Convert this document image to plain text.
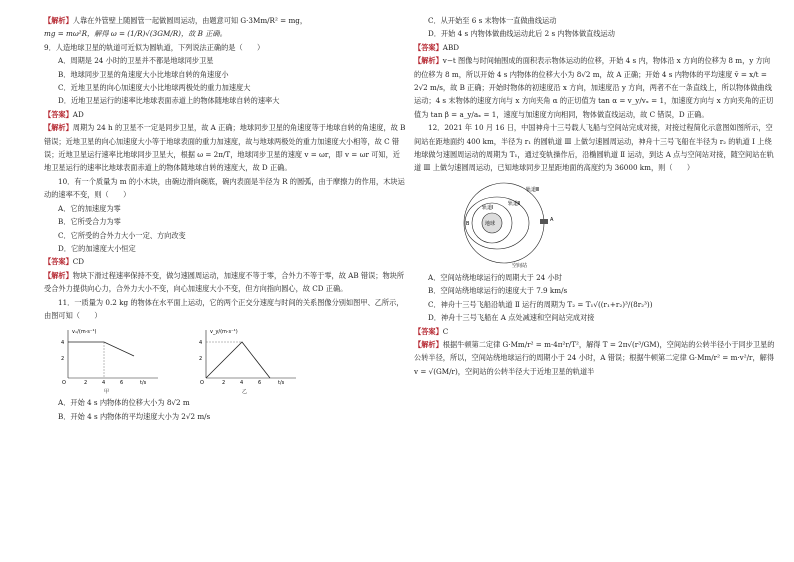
【解析】人靠在外管壁上随圆管一起做圆周运动，由题意可知 G·3Mm/R² = mg，

mg = mω²R，解得 ω = (1/R)√(3GM/R)，故 B 正确。

9．人造地球卫星的轨道可近似为圆轨道，下列说法正确的是（　　）

A．周期是 24 小时的卫星并不都是地球同步卫星

B．地球同步卫星的角速度大小比地球自转的角速度小

C．近地卫星的向心加速度大小比地球两极处的重力加速度大

D．近地卫星运行的速率比地球表面赤道上的物体随地球自转的速率大

【答案】AD

【解析】周期为 24 h 的卫星不一定是同步卫星，故 A 正确；地球同步卫星的角速度等于地球自转的角速度，故 B 错误；近地卫星的向心加速度大小等于地球表面的重力加速度，故与地球两极处的重力加速度大小相等，故 C 错误；近地卫星运行速率比地球同步卫星大，根据 ω = 2π/T，地球同步卫星的速度 v = ωr，即 v = ωr 可知，近地卫星运行的速率比地球表面赤道上的物体随地球自转的速度大，故 D 正确。

10．有一个质量为 m 的小木块，由碗边滑向碗底，碗内表面是半径为 R 的圆弧，由于摩擦力的作用，木块运动的速率不变，则（　　）

A．它的加速度为零

B．它所受合力为零

C．它所受的合外力大小一定、方向改变

D．它的加速度大小恒定

【答案】CD

【解析】物块下滑过程速率保持不变，做匀速圆周运动，加速度不等于零，合外力不等于零，故 AB 错误；物块所受合外力提供向心力，合外力大小不变，向心加速度大小不变，但方向指向圆心，故 CD 正确。

11．一质量为 0.2 kg 的物体在水平面上运动，它的两个正交分速度与时间的关系图像分别如图甲、乙所示，由图可知（　　）

vₓ/(m·s⁻¹)
4
2
O	2	4	6	t/s
v_y/(m·s⁻¹)
4
2
O	2	4	6	t/s
甲	乙

A．开始 4 s 内物体的位移大小为 8√2 m

B．开始 4 s 内物体的平均速度大小为 2√2 m/s

C．从开始至 6 s 末物体一直做曲线运动

D．开始 4 s 内物体做曲线运动此后 2 s 内物体做直线运动

【答案】ABD

【解析】v−t 图像与时间轴围成的面积表示物体运动的位移，开始 4 s 内，物体沿 x 方向的位移为 8 m，y 方向的位移为 8 m，所以开始 4 s 内物体的位移大小为 8√2 m，故 A 正确；开始 4 s 内物体的平均速度 v̄ = x/t = 2√2 m/s，故 B 正确；开始时物体的初速度沿 x 方向，加速度沿 y 方向，两者不在一条直线上，所以物体做曲线运动；4 s 末物体的速度方向与 x 方向夹角 α 的正切值为 tan α = v_y/vₓ = 1，加速度方向与 x 方向夹角的正切值为 tan β = a_y/aₓ = 1，速度与加速度方向相同，物体做直线运动，故 C 错误，D 正确。

12．2021 年 10 月 16 日，中国神舟十三号载人飞船与空间站完成对接，对接过程简化示意图如图所示，空间站在距地面约 400 km，半径为 r₁ 的圆轨道 Ⅲ 上做匀速圆周运动，神舟十三号飞船在半径为 r₂ 的轨道 Ⅰ 上绕地球做匀速圆周运动的周期为 T₁，通过变轨操作后，沿椭圆轨道 Ⅱ 运动，到达 A 点与空间站对接，随空间站在轨道 Ⅲ 上做匀速圆周运动，已知地球同步卫星距地面的高度约为 36000 km，则（　　）

地球
轨道Ⅰ
轨道Ⅱ
轨道Ⅲ
A
B
空间站

A．空间站绕地球运行的周期大于 24 小时

B．空间站绕地球运行的速度大于 7.9 km/s

C．神舟十三号飞船沿轨道 Ⅱ 运行的周期为 T₂ = T₁√((r₁+r₂)³/(8r₂³))

D．神舟十三号飞船在 A 点处减速和空间站完成对接

【答案】C

【解析】根据牛顿第二定律 G·Mm/r² = m·4π²r/T²，解得 T = 2π√(r³/GM)，空间站的公转半径小于同步卫星的公转半径，所以，空间站绕地球运行的周期小于 24 小时，A 错误；根据牛顿第二定律 G·Mm/r² = m·v²/r，解得 v = √(GM/r)，空间站的公转半径大于近地卫星的轨道半
